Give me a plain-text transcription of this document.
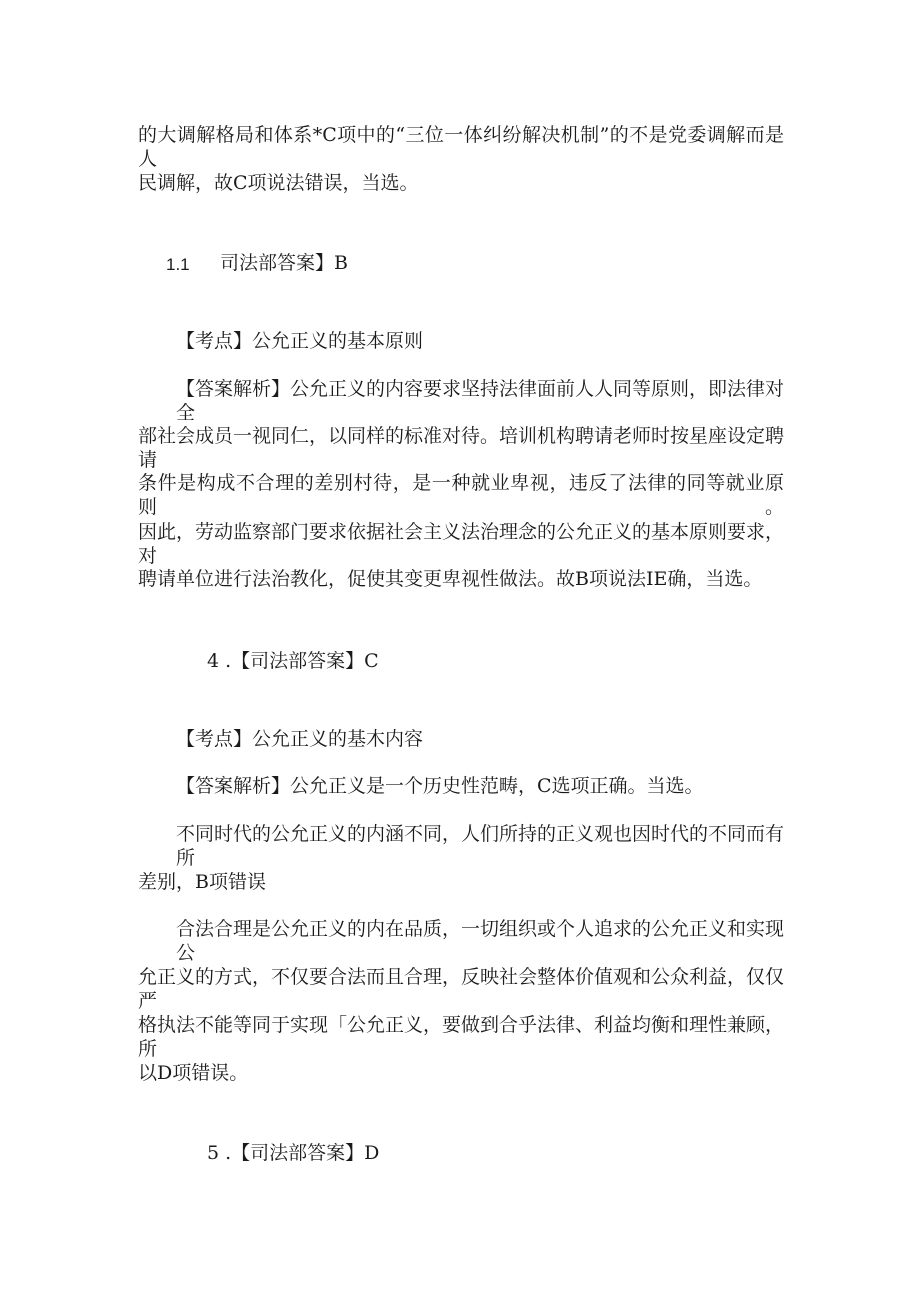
的大调解格局和体系*C项中的“三位一体纠纷解决机制”的不是党委调解而是人
民调解，故C项说法错误，当选。
1.1 司法部答案】B
【考点】公允正义的基本原则
【答案解析】公允正义的内容要求坚持法律面前人人同等原则，即法律对全
部社会成员一视同仁，以同样的标准对待。培训机构聘请老师时按星座设定聘请
条件是构成不合理的差别村待，是一种就业卑视，违反了法律的同等就业原则。
因此，劳动监察部门要求依据社会主义法治理念的公允正义的基本原则要求，对
聘请单位进行法治教化，促使其变更卑视性做法。故B项说法IE确，当选。
4 .【司法部答案】C
【考点】公允正义的基木内容
【答案解析】公允正义是一个历史性范畴，C选项正确。当选。
不同时代的公允正义的内涵不同，人们所持的正义观也因时代的不同而有所
差别，B项错误
合法合理是公允正义的内在品质，一切组织或个人追求的公允正义和实现公
允正义的方式，不仅要合法而且合理，反映社会整体价值观和公众利益，仅仅严
格执法不能等同于实现「公允正义，要做到合乎法律、利益均衡和理性兼顾，所
以D项错误。
5 .【司法部答案】D
